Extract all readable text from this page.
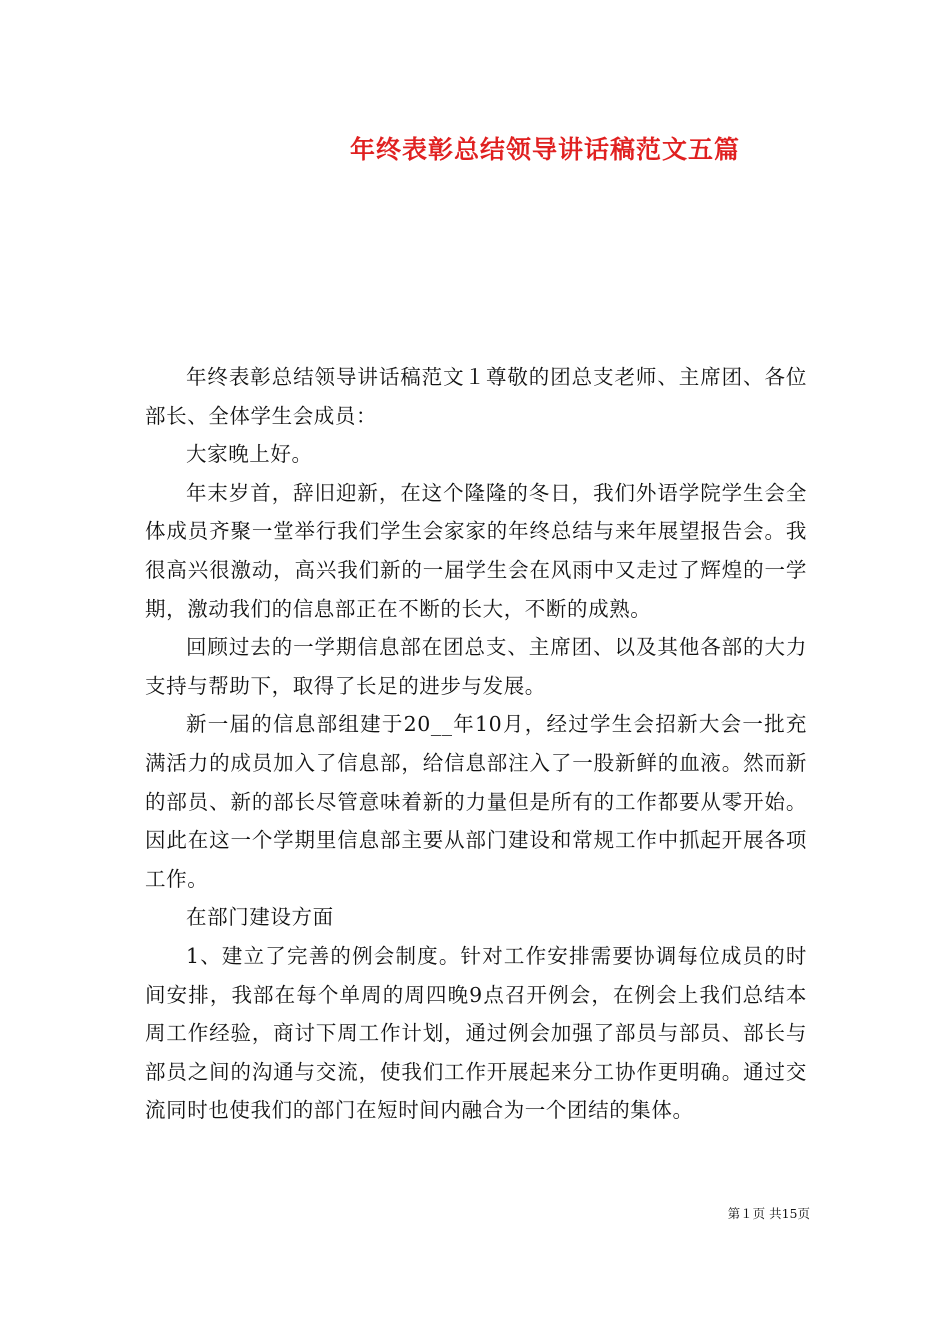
年终表彰总结领导讲话稿范文五篇

年终表彰总结领导讲话稿范文１尊敬的团总支老师、主席团、各位部长、全体学生会成员：

大家晚上好。

年末岁首，辞旧迎新，在这个隆隆的冬日，我们外语学院学生会全体成员齐聚一堂举行我们学生会家家的年终总结与来年展望报告会。我很高兴很激动，高兴我们新的一届学生会在风雨中又走过了辉煌的一学期，激动我们的信息部正在不断的长大，不断的成熟。

回顾过去的一学期信息部在团总支、主席团、以及其他各部的大力支持与帮助下，取得了长足的进步与发展。

新一届的信息部组建于20__年10月，经过学生会招新大会一批充满活力的成员加入了信息部，给信息部注入了一股新鲜的血液。然而新的部员、新的部长尽管意味着新的力量但是所有的工作都要从零开始。因此在这一个学期里信息部主要从部门建设和常规工作中抓起开展各项工作。

在部门建设方面

1、建立了完善的例会制度。针对工作安排需要协调每位成员的时间安排，我部在每个单周的周四晚9点召开例会，在例会上我们总结本周工作经验，商讨下周工作计划，通过例会加强了部员与部员、部长与部员之间的沟通与交流，使我们工作开展起来分工协作更明确。通过交流同时也使我们的部门在短时间内融合为一个团结的集体。

第１页 共15页
